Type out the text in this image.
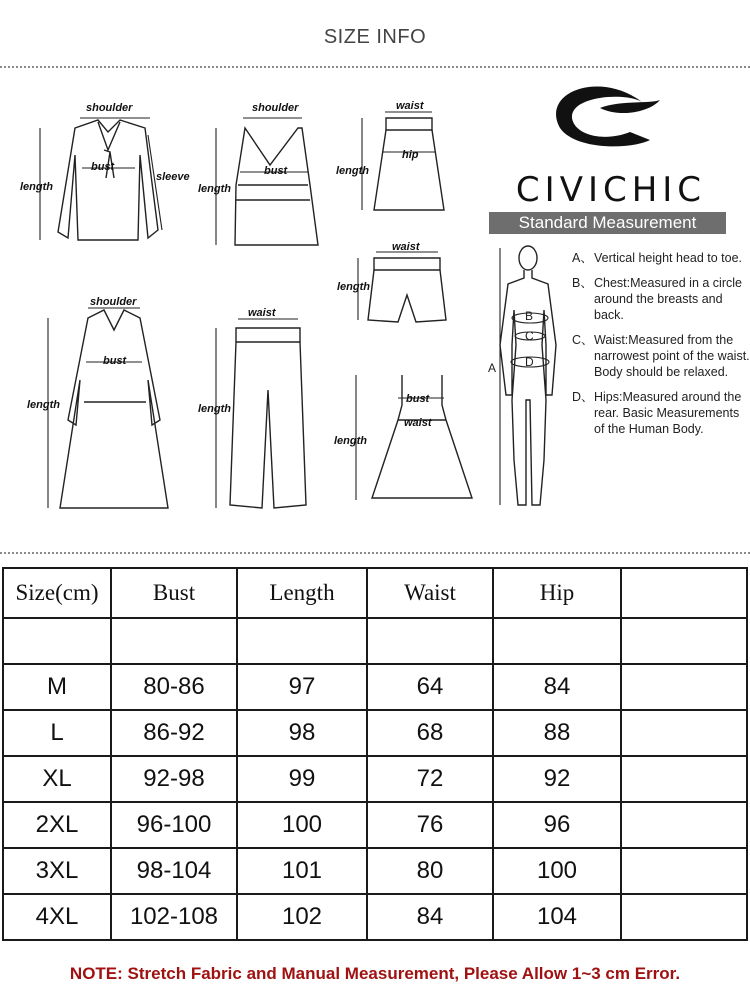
SIZE INFO
shoulder
bust
length
sleeve
shoulder
bust
length
waist
hip
length
waist
length
shoulder
bust
length
waist
length
bust
waist
length
A
B
C
D
CIVICHIC
Standard Measurement
A、 Vertical height head to toe.
B、 Chest:Measured in a circle around the breasts and back.
C、 Waist:Measured from the narrowest point of the waist. Body should be relaxed.
D、 Hips:Measured around the rear. Basic Measurements of the Human Body.
Size(cm)	Bust	Length	Waist	Hip	

M	80-86	97	64	84	
L	86-92	98	68	88	
XL	92-98	99	72	92	
2XL	96-100	100	76	96	
3XL	98-104	101	80	100	
4XL	102-108	102	84	104	
NOTE: Stretch Fabric and Manual Measurement, Please Allow 1~3 cm Error.
